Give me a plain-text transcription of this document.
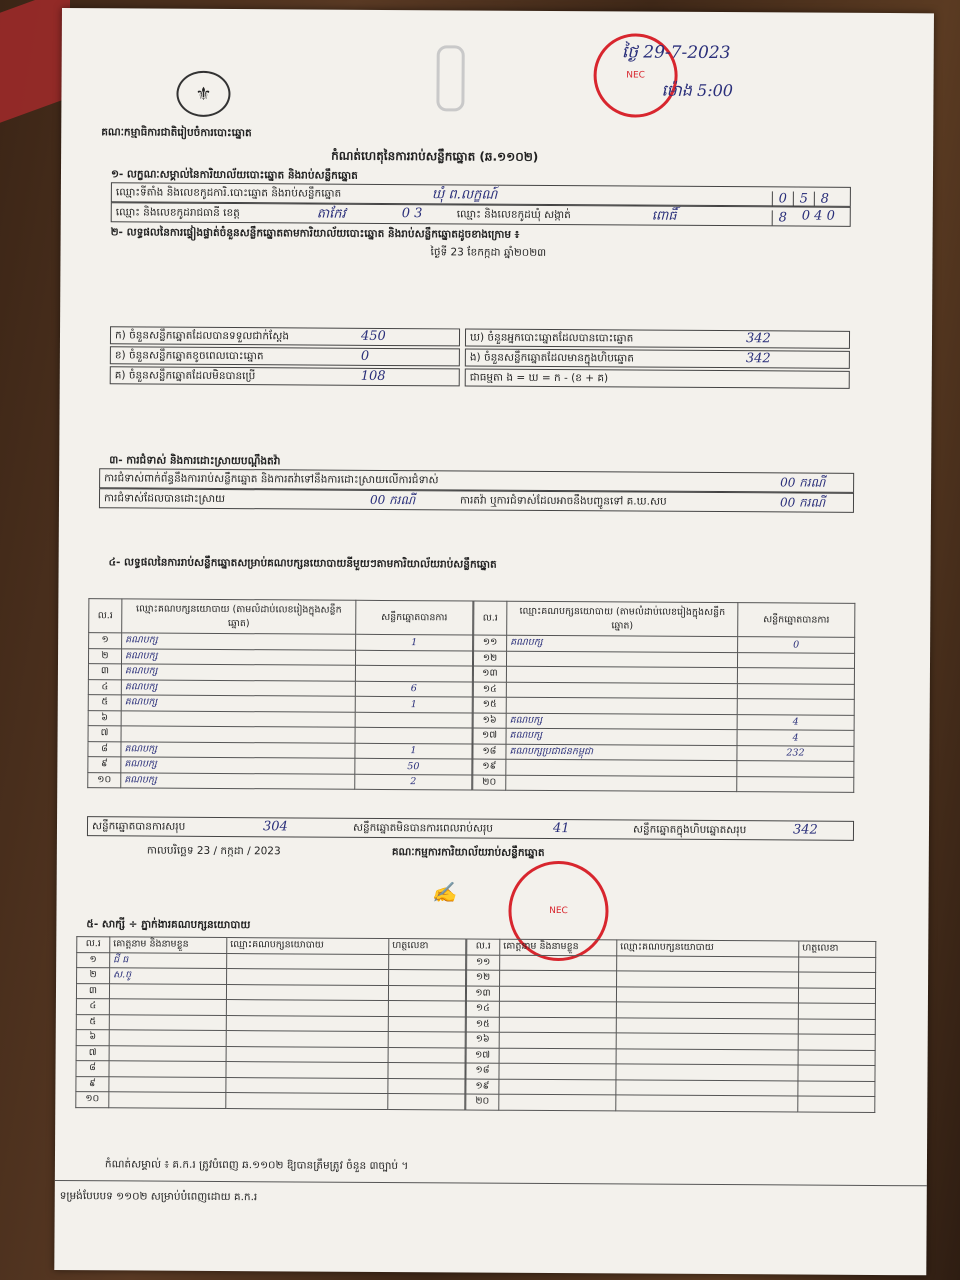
⚜
NEC
ថ្ងៃ 29-7-2023
ម៉ោង 5:00
គណៈកម្មាធិការជាតិរៀបចំការបោះឆ្នោត
កំណត់ហេតុនៃការរាប់សន្លឹកឆ្នោត (ឆ.១១០២)
១- លក្ខណៈសម្គាល់នៃការិយាល័យបោះឆ្នោត និងរាប់សន្លឹកឆ្នោត
ឈ្មោះទីតាំង និងលេខកូដការិ.បោះឆ្នោត និងរាប់សន្លឹកឆ្នោត	ឃុំ ព.លក្ខណ៍	0 5 88
ឈ្មោះ និងលេខកូដរាជធានី ខេត្ត	តាកែវ	0 3	ឈ្មោះ និងលេខកូដឃុំ សង្កាត់	ពោធិ៍	0 4 0
២- លទ្ធផលនៃការផ្ទៀងផ្ទាត់ចំនួនសន្លឹកឆ្នោតតាមការិយាល័យបោះឆ្នោត និងរាប់សន្លឹកឆ្នោតដូចខាងក្រោម ៖
ថ្ងៃទី 23 ខែកក្កដា ឆ្នាំ២០២៣
ក) ចំនួនសន្លឹកឆ្នោតដែលបានទទួលជាក់ស្តែង	450
ខ) ចំនួនសន្លឹកឆ្នោតខូចពេលបោះឆ្នោត	0
គ) ចំនួនសន្លឹកឆ្នោតដែលមិនបានប្រើ	108
ឃ) ចំនួនអ្នកបោះឆ្នោតដែលបានបោះឆ្នោត	342
ង) ចំនួនសន្លឹកឆ្នោតដែលមានក្នុងហិបឆ្នោត	342
ជាធម្មតា ង = ឃ = ក - (ខ + គ)
៣- ការជំទាស់ និងការដោះស្រាយបណ្តឹងតវ៉ា
ការជំទាស់ពាក់ព័ន្ធនឹងការរាប់សន្លឹកឆ្នោត និងការតវ៉ាទៅនឹងការដោះស្រាយលើការជំទាស់	00 ករណី
ការជំទាស់ដែលបានដោះស្រាយ	00 ករណី	ការតវ៉ា ឬការជំទាស់ដែលអាចនឹងបញ្ជូនទៅ គ.ឃ.សប	00 ករណី
៤- លទ្ធផលនៃការរាប់សន្លឹកឆ្នោតសម្រាប់គណបក្សនយោបាយនីមួយៗតាមការិយាល័យរាប់សន្លឹកឆ្នោត
ល.រ	ឈ្មោះគណបក្សនយោបាយ (តាមលំដាប់លេខរៀងក្នុងសន្លឹកឆ្នោត)	សន្លឹកឆ្នោតបានការ
១	គណបក្ស	1
២	គណបក្ស	
៣	គណបក្ស	
៤	គណបក្ស	6
៥	គណបក្ស	1
៦		
៧		
៨	គណបក្ស	1
៩	គណបក្ស	50
១០	គណបក្ស	2
ល.រ	ឈ្មោះគណបក្សនយោបាយ (តាមលំដាប់លេខរៀងក្នុងសន្លឹកឆ្នោត)	សន្លឹកឆ្នោតបានការ
១១	គណបក្ស	0
១២		
១៣		
១៤		
១៥		
១៦	គណបក្ស	4
១៧	គណបក្ស	4
១៨	គណបក្សប្រជាជនកម្ពុជា	232
១៩		
២០		
សន្លឹកឆ្នោតបានការសរុប	304	សន្លឹកឆ្នោតមិនបានការពេលរាប់សរុប	41	សន្លឹកឆ្នោតក្នុងហិបឆ្នោតសរុប	342
កាលបរិច្ឆេទ 23 / កក្កដា / 2023	គណៈកម្មការការិយាល័យរាប់សន្លឹកឆ្នោត
NEC
✍
៥- សាក្សី ÷ ភ្នាក់ងារគណបក្សនយោបាយ
ល.រ	គោត្តនាម និងនាមខ្លួន	ឈ្មោះគណបក្សនយោបាយ	ហត្ថលេខា
១	ជី ធ		
២	ស.ចូ		
៣			
៤			
៥			
៦			
៧			
៨			
៩			
១០			
ល.រ	គោត្តនាម និងនាមខ្លួន	ឈ្មោះគណបក្សនយោបាយ	ហត្ថលេខា
១១			
១២			
១៣			
១៤			
១៥			
១៦			
១៧			
១៨			
១៩			
២០			
កំណត់សម្គាល់ ៖ គ.ក.រ ត្រូវបំពេញ ឆ.១១០២ ឱ្យបានត្រឹមត្រូវ ចំនួន ៣ច្បាប់ ។
ទម្រង់បែបបទ ១១០២ សម្រាប់បំពេញដោយ គ.ក.រ
